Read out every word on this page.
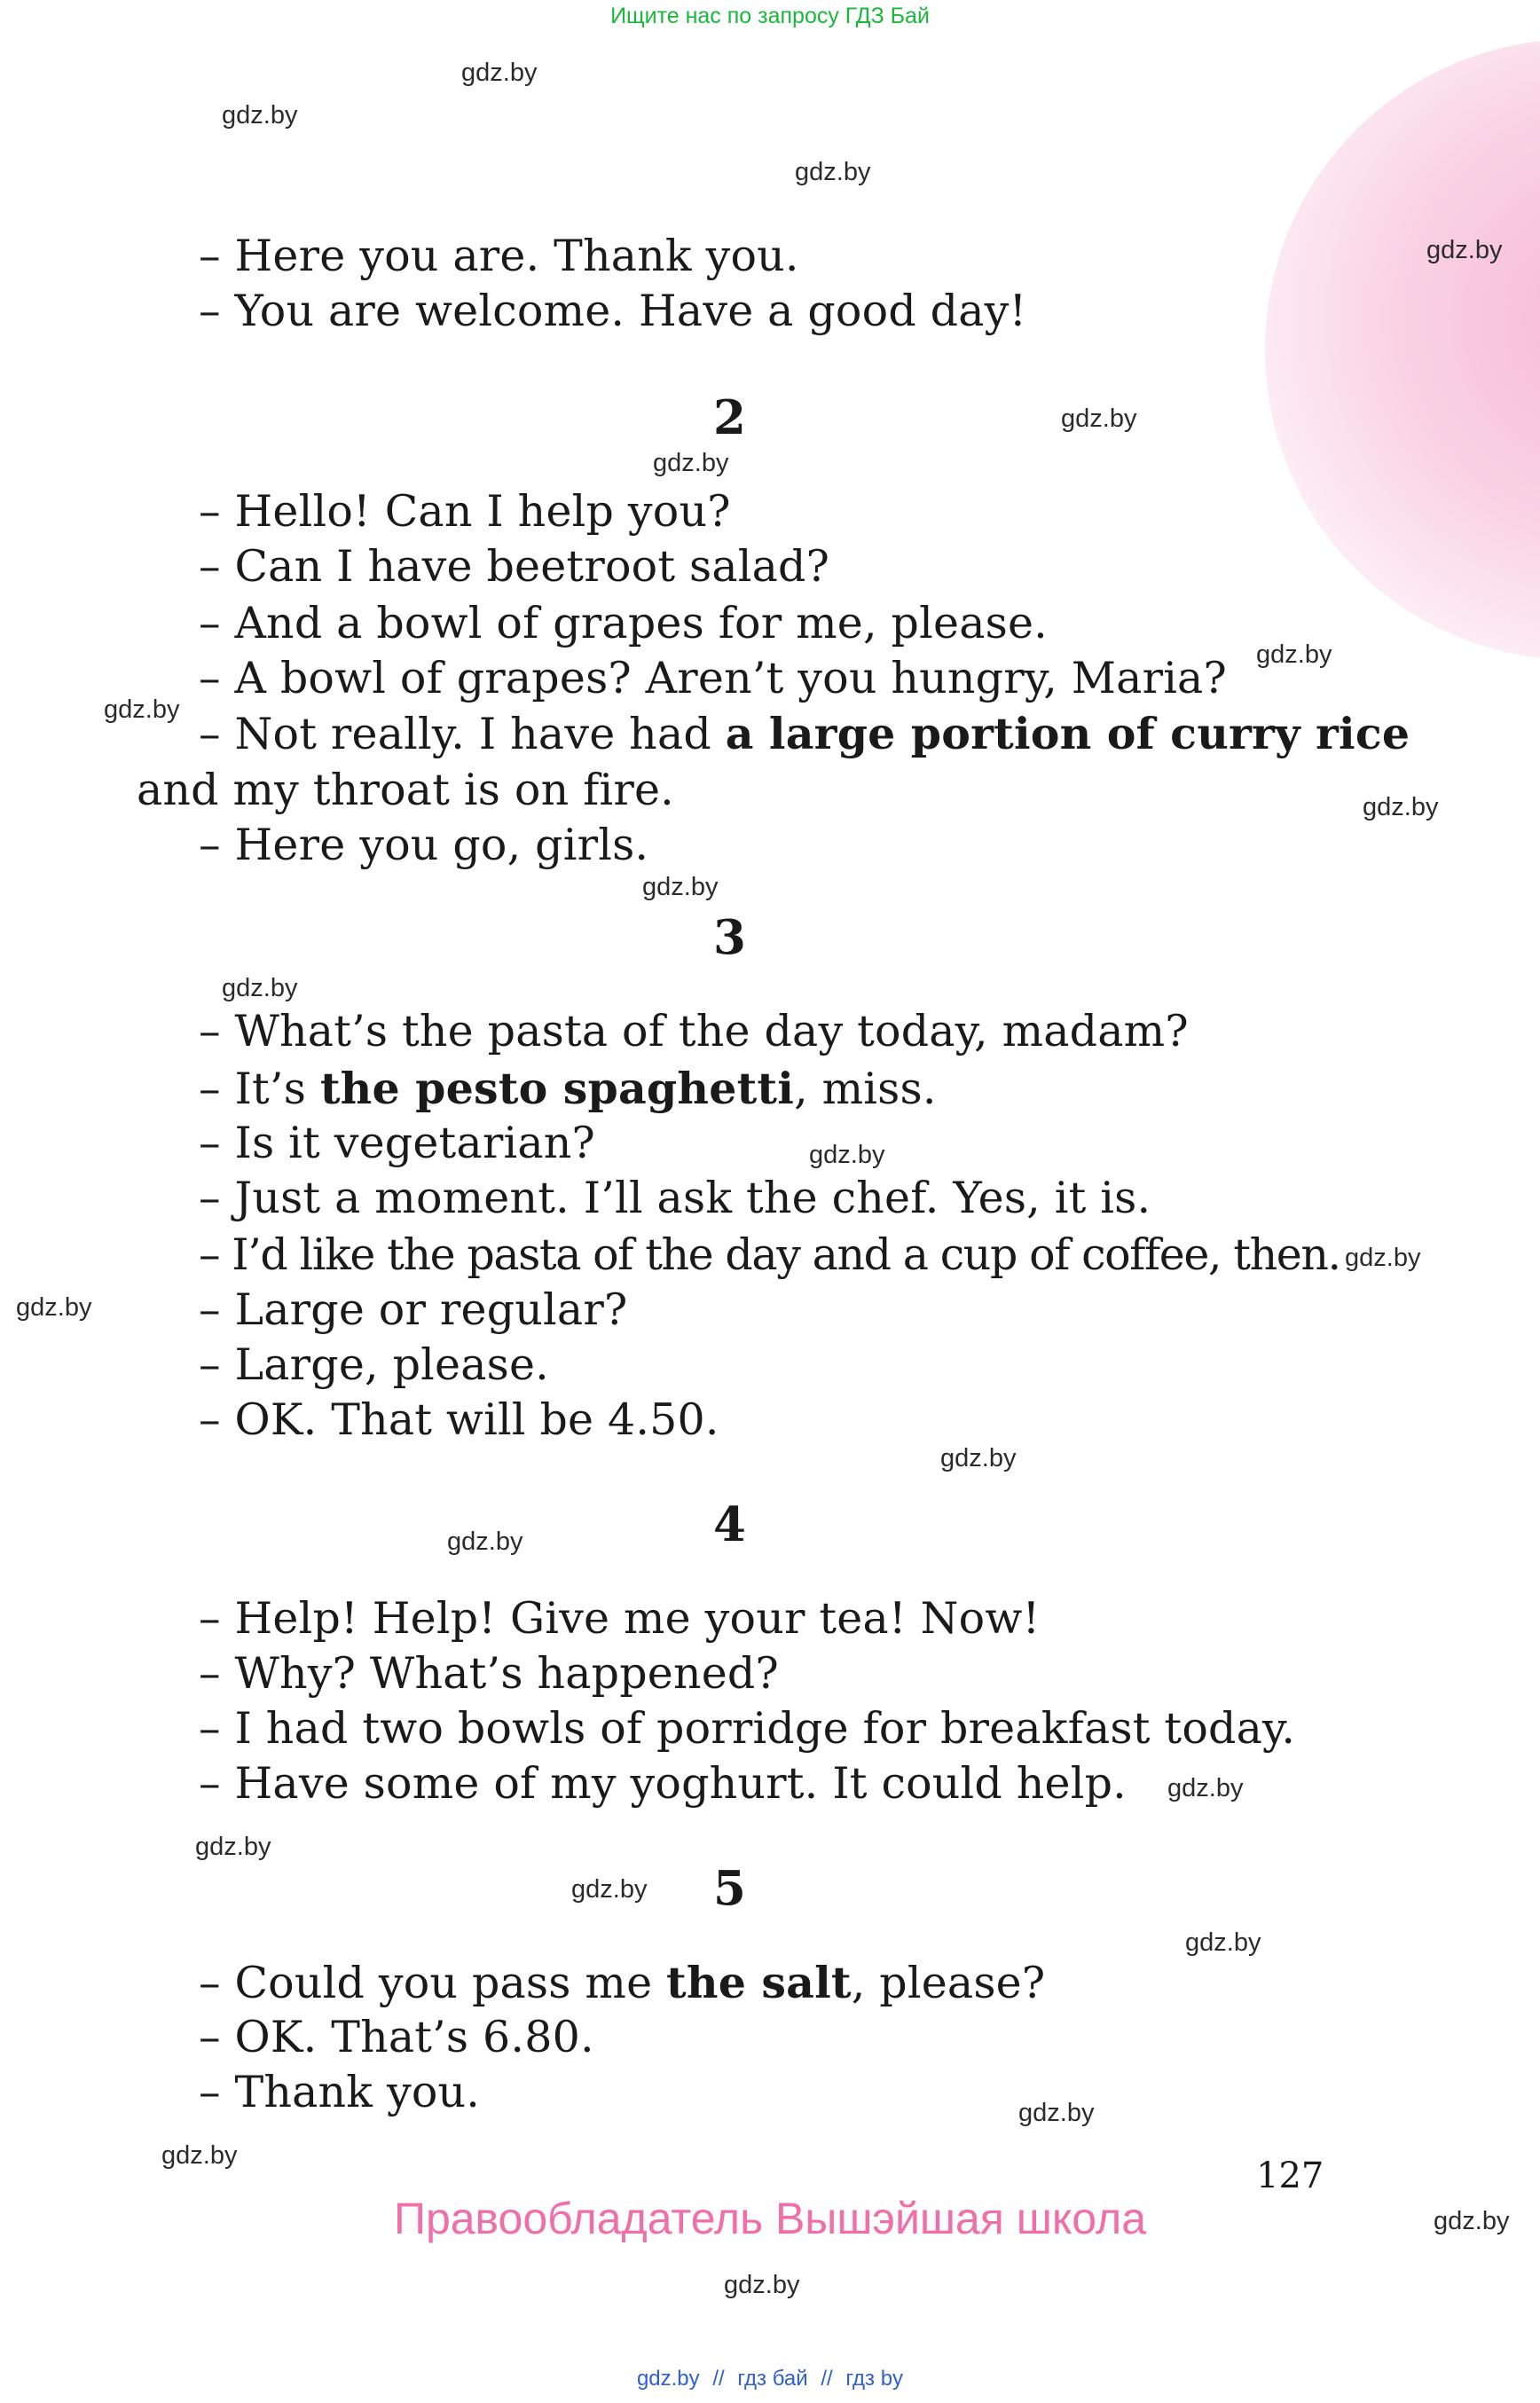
Ищите нас по запросу ГДЗ Бай
gdz.by
gdz.by
gdz.by
gdz.by
gdz.by
gdz.by
gdz.by
gdz.by
gdz.by
gdz.by
gdz.by
gdz.by
gdz.by
gdz.by
gdz.by
gdz.by
gdz.by
gdz.by
gdz.by
gdz.by
gdz.by
gdz.by
gdz.by
gdz.by
– Here you are. Thank you.
– You are welcome. Have a good day!
2
– Hello! Can I help you?
– Can I have beetroot salad?
– And a bowl of grapes for me, please.
– A bowl of grapes? Aren’t you hungry, Maria?
– Not really. I have had a large portion of curry rice
and my throat is on fire.
– Here you go, girls.
3
– What’s the pasta of the day today, madam?
– It’s the pesto spaghetti, miss.
– Is it vegetarian?
– Just a moment. I’ll ask the chef. Yes, it is.
– I’d like the pasta of the day and a cup of coffee, then.
– Large or regular?
– Large, please.
– OK. That will be 4.50.
4
– Help! Help! Give me your tea! Now!
– Why? What’s happened?
– I had two bowls of porridge for breakfast today.
– Have some of my yoghurt. It could help.
5
– Could you pass me the salt, please?
– OK. That’s 6.80.
– Thank you.
127
Правообладатель Вышэйшая школа
gdz.by // гдз бай // гдз by
